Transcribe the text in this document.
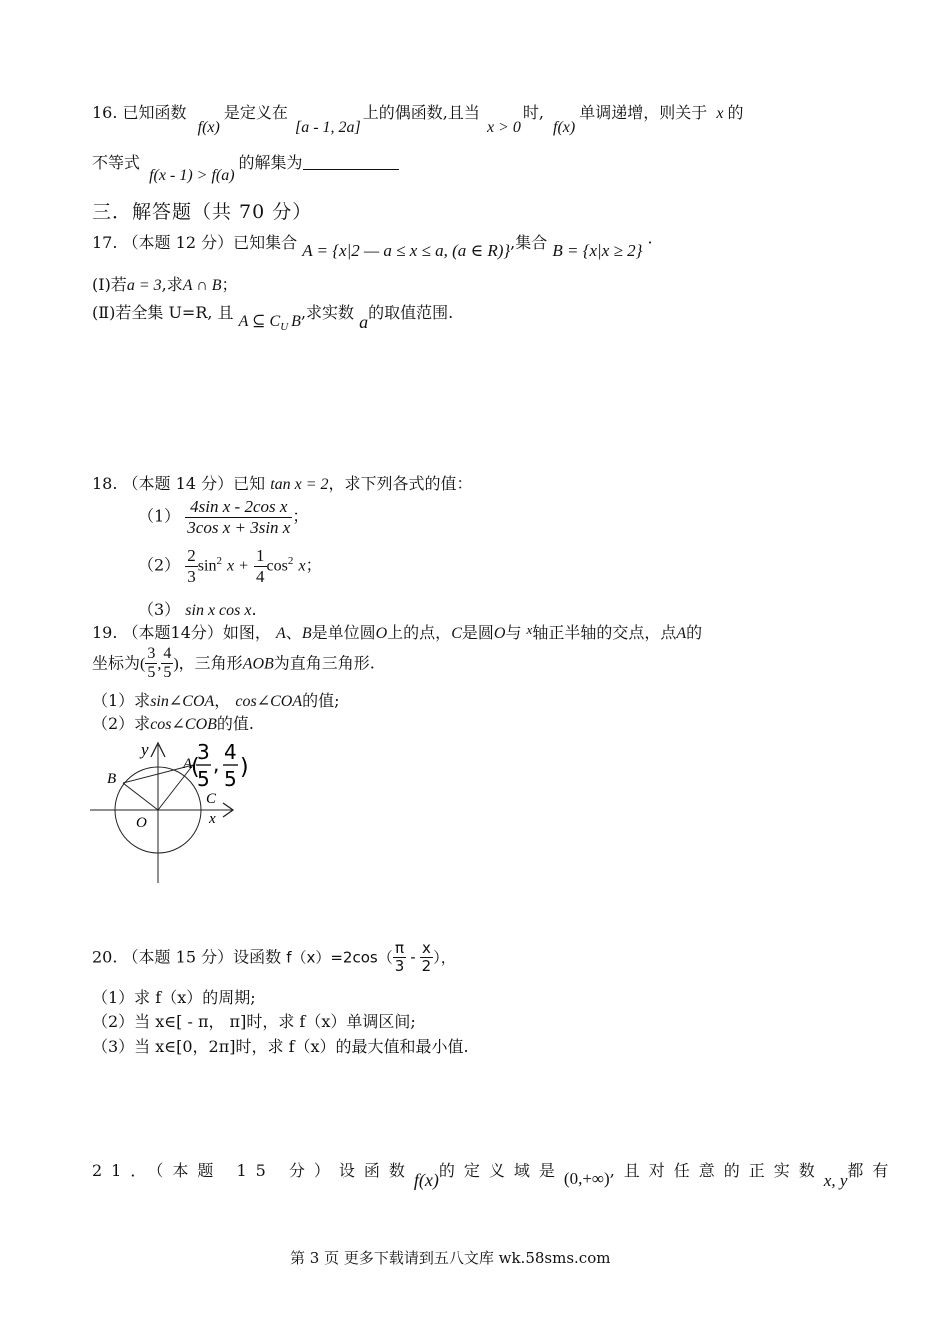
16. 已知函数 f(x)是定义在 [a - 1, 2a]上的偶函数,且当 x > 0时, f(x)单调递增，则关于 x 的
不等式 f(x - 1) > f(a)的解集为
三．解答题（共 70 分）
17. （本题 12 分）已知集合 A = {x|2 — a ≤ x ≤ a, (a ∈ R)},集合 B = {x|x ≥ 2} ·
(Ⅰ)若a = 3,求A ∩ B；
(Ⅱ)若全集 U=R, 且 A ⊆ $C_U$ B,求实数 a的取值范围.
18. （本题 14 分）已知 tan x = 2，求下列各式的值：
$(1) \frac{\text{4sin x - 2cos x}}{\text{3cos x + 3sin x}}$ ；
$(2) \frac{2}{3} \sin^2 x + \frac{1}{4} \cos^2 x$；
（3） sin x cos x.
19. （本题14分）如图， A、B是单位圆O上的点，C是圆O与 $^x$轴正半轴的交点，点A的
坐标为( $\frac{3}{5}$ , $\frac{4}{5}$ )，三角形AOB为直角三角形.
（1）求sin∠COA， cos∠COA的值;
（2）求cos∠COB的值.
y
B
A
C
x
O
(
3
5
, 4
5 )
20. （本题 15 分）设函数 $f(x)=2\cos( \frac{\pi}{3} - \frac{x}{2}$ ），
（1）求 f（x）的周期;
（2）当 x∈[ - π， π]时，求 f（x）单调区间;
（3）当 x∈[0，2π]时，求 f（x）的最大值和最小值.
21．（本题 15 分）设函数f(x)的定义域是(0,+∞),且对任意的正实数x, y都有
第 3 页 更多下载请到五八文库 wk.58sms.com
